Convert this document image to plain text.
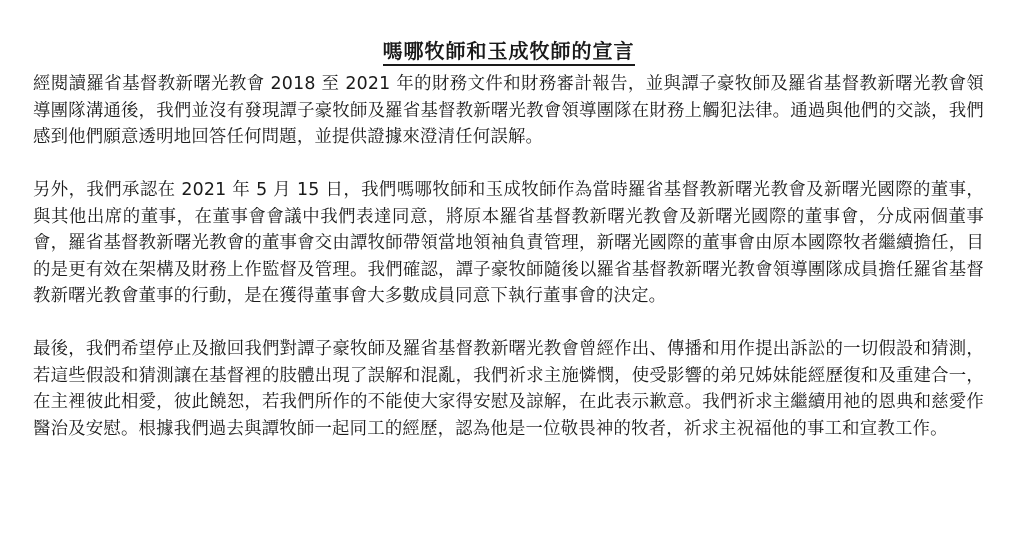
嗎哪牧師和玉成牧師的宣言

經閱讀羅省基督教新曙光教會 2018 至 2021 年的財務文件和財務審計報告，並與譚子豪牧師及羅省基督教新曙光教會領導團隊溝通後，我們並沒有發現譚子豪牧師及羅省基督教新曙光教會領導團隊在財務上觸犯法律。通過與他們的交談，我們感到他們願意透明地回答任何問題，並提供證據來澄清任何誤解。

另外，我們承認在 2021 年 5 月 15 日，我們嗎哪牧師和玉成牧師作為當時羅省基督教新曙光教會及新曙光國際的董事，與其他出席的董事，在董事會會議中我們表達同意，將原本羅省基督教新曙光教會及新曙光國際的董事會，分成兩個董事會，羅省基督教新曙光教會的董事會交由譚牧師帶領當地領袖負責管理，新曙光國際的董事會由原本國際牧者繼續擔任，目的是更有效在架構及財務上作監督及管理。我們確認，譚子豪牧師隨後以羅省基督教新曙光教會領導團隊成員擔任羅省基督教新曙光教會董事的行動，是在獲得董事會大多數成員同意下執行董事會的決定。

最後，我們希望停止及撤回我們對譚子豪牧師及羅省基督教新曙光教會曾經作出、傳播和用作提出訴訟的一切假設和猜測，若這些假設和猜測讓在基督裡的肢體出現了誤解和混亂，我們祈求主施憐憫，使受影響的弟兄姊妹能經歷復和及重建合一，在主裡彼此相愛，彼此饒恕，若我們所作的不能使大家得安慰及諒解，在此表示歉意。我們祈求主繼續用祂的恩典和慈愛作醫治及安慰。根據我們過去與譚牧師一起同工的經歷，認為他是一位敬畏神的牧者，祈求主祝福他的事工和宣教工作。
